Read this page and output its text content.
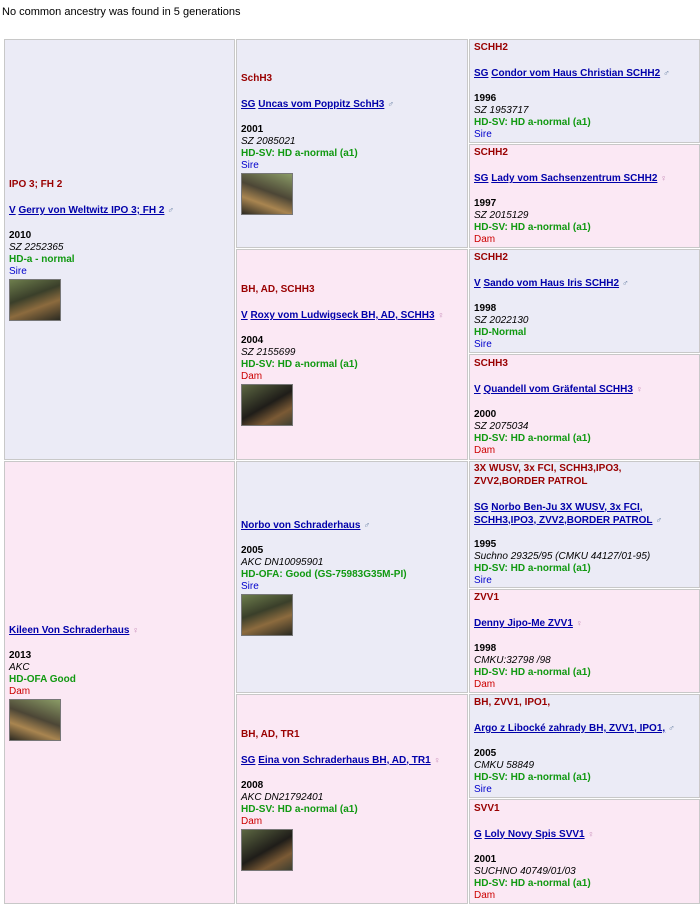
No common ancestry was found in 5 generations
IPO 3; FH 2
V Gerry von Weltwitz IPO 3; FH 2 ♂
2010
SZ 2252365
HD-a - normal
Sire
SchH3
SG Uncas vom Poppitz SchH3 ♂
2001
SZ 2085021
HD-SV: HD a-normal (a1)
Sire
SCHH2
SG Condor vom Haus Christian SCHH2 ♂
1996
SZ 1953717
HD-SV: HD a-normal (a1)
Sire
SCHH2
SG Lady vom Sachsenzentrum SCHH2 ♀
1997
SZ 2015129
HD-SV: HD a-normal (a1)
Dam
BH, AD, SCHH3
V Roxy vom Ludwigseck BH, AD, SCHH3 ♀
2004
SZ 2155699
HD-SV: HD a-normal (a1)
Dam
SCHH2
V Sando vom Haus Iris SCHH2 ♂
1998
SZ 2022130
HD-Normal
Sire
SCHH3
V Quandell vom Gräfental SCHH3 ♀
2000
SZ 2075034
HD-SV: HD a-normal (a1)
Dam
Kileen Von Schraderhaus ♀
2013
AKC
HD-OFA Good
Dam
Norbo von Schraderhaus ♂
2005
AKC DN10095901
HD-OFA: Good (GS-75983G35M-PI)
Sire
3X WUSV, 3x FCI, SCHH3,IPO3, ZVV2,BORDER PATROL
SG Norbo Ben-Ju 3X WUSV, 3x FCI, SCHH3,IPO3, ZVV2,BORDER PATROL ♂
1995
Suchno 29325/95 (CMKU 44127/01-95)
HD-SV: HD a-normal (a1)
Sire
ZVV1
Denny Jipo-Me ZVV1 ♀
1998
CMKU:32798 /98
HD-SV: HD a-normal (a1)
Dam
BH, AD, TR1
SG Eina von Schraderhaus BH, AD, TR1 ♀
2008
AKC DN21792401
HD-SV: HD a-normal (a1)
Dam
BH, ZVV1, IPO1,
Argo z Libocké zahrady BH, ZVV1, IPO1, ♂
2005
CMKU 58849
HD-SV: HD a-normal (a1)
Sire
SVV1
G Loly Novy Spis SVV1 ♀
2001
SUCHNO 40749/01/03
HD-SV: HD a-normal (a1)
Dam
